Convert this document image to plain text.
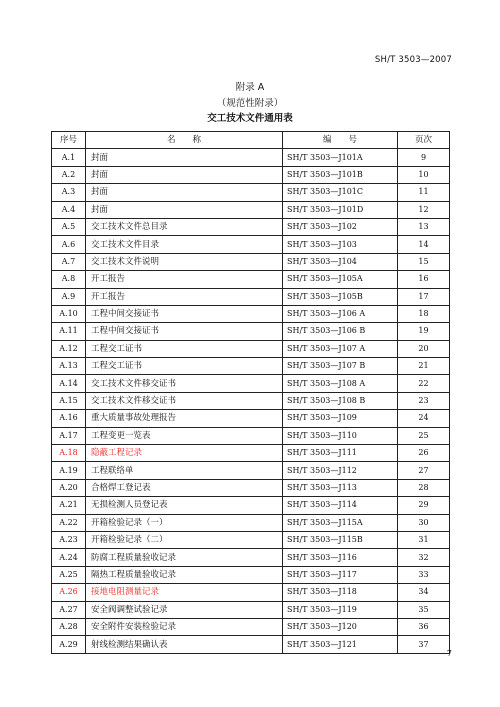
SH/T 3503—2007
附录 A
（规范性附录）
交工技术文件通用表
序号	名　　称	编　　号	页次
A.1	封面	SH/T 3503—J101A	9
A.2	封面	SH/T 3503—J101B	10
A.3	封面	SH/T 3503—J101C	11
A.4	封面	SH/T 3503—J101D	12
A.5	交工技术文件总目录	SH/T 3503—J102	13
A.6	交工技术文件目录	SH/T 3503—J103	14
A.7	交工技术文件说明	SH/T 3503—J104	15
A.8	开工报告	SH/T 3503—J105A	16
A.9	开工报告	SH/T 3503—J105B	17
A.10	工程中间交接证书	SH/T 3503—J106 A	18
A.11	工程中间交接证书	SH/T 3503—J106 B	19
A.12	工程交工证书	SH/T 3503—J107 A	20
A.13	工程交工证书	SH/T 3503—J107 B	21
A.14	交工技术文件移交证书	SH/T 3503—J108 A	22
A.15	交工技术文件移交证书	SH/T 3503—J108 B	23
A.16	重大质量事故处理报告	SH/T 3503—J109	24
A.17	工程变更一览表	SH/T 3503—J110	25
A.18	隐蔽工程记录	SH/T 3503—J111	26
A.19	工程联络单	SH/T 3503—J112	27
A.20	合格焊工登记表	SH/T 3503—J113	28
A.21	无损检测人员登记表	SH/T 3503—J114	29
A.22	开箱检验记录（一）	SH/T 3503—J115A	30
A.23	开箱检验记录（二）	SH/T 3503—J115B	31
A.24	防腐工程质量验收记录	SH/T 3503—J116	32
A.25	隔热工程质量验收记录	SH/T 3503—J117	33
A.26	接地电阻测量记录	SH/T 3503—J118	34
A.27	安全阀调整试验记录	SH/T 3503—J119	35
A.28	安全附件安装检验记录	SH/T 3503—J120	36
A.29	射线检测结果确认表	SH/T 3503—J121	37
7
